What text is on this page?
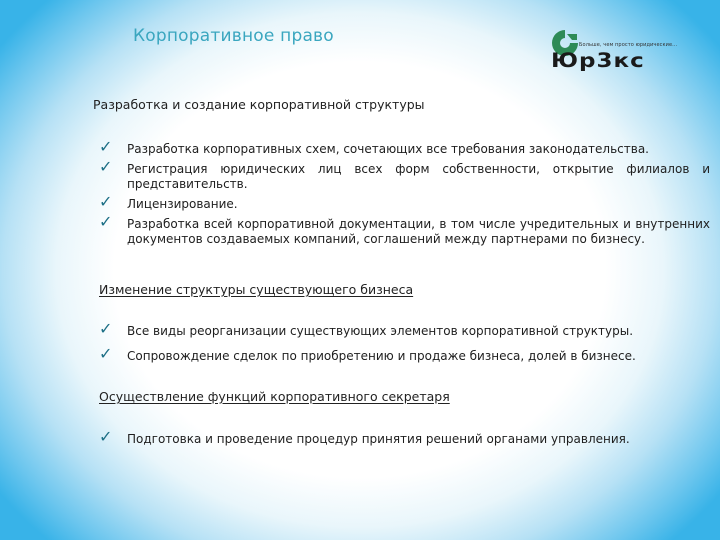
Корпоративное право	Больше, чем просто юридические...
Юр3кс
Разработка и создание корпоративной структуры
✓ Разработка корпоративных схем, сочетающих все требования законодательства.
✓ Регистрация юридических лиц всех форм собственности, открытие филиалов и представительств.
✓ Лицензирование.
✓ Разработка всей корпоративной документации, в том числе учредительных и внутренних документов создаваемых компаний, соглашений между партнерами по бизнесу.
Изменение структуры существующего бизнеса
✓ Все виды реорганизации существующих элементов корпоративной структуры.
✓ Сопровождение сделок по приобретению и продаже бизнеса, долей в бизнесе.
Осуществление функций корпоративного секретаря
✓ Подготовка и проведение процедур принятия решений органами управления.
